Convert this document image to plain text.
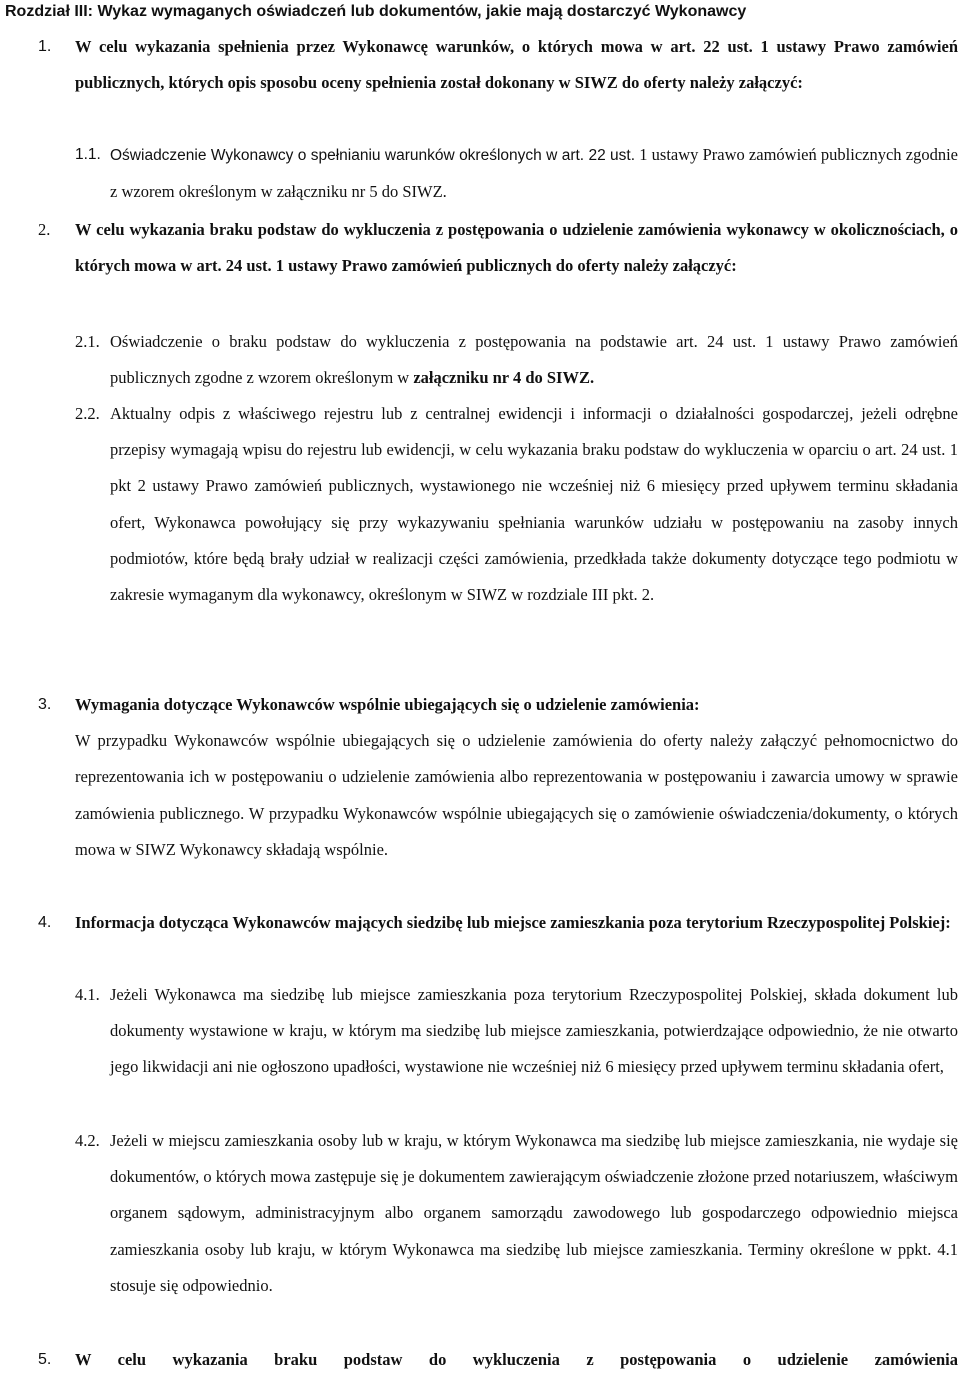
Rozdział III: Wykaz wymaganych oświadczeń lub dokumentów, jakie mają dostarczyć Wykonawcy
1. W celu wykazania spełnienia przez Wykonawcę warunków, o których mowa w art. 22 ust. 1 ustawy Prawo zamówień publicznych, których opis sposobu oceny spełnienia został dokonany w SIWZ do oferty należy załączyć:
1.1. Oświadczenie Wykonawcy o spełnianiu warunków określonych w art. 22 ust. 1 ustawy Prawo zamówień publicznych zgodnie z wzorem określonym w załączniku nr 5 do SIWZ.
2. W celu wykazania braku podstaw do wykluczenia z postępowania o udzielenie zamówienia wykonawcy w okolicznościach, o których mowa w art. 24 ust. 1 ustawy Prawo zamówień publicznych do oferty należy załączyć:
2.1. Oświadczenie o braku podstaw do wykluczenia z postępowania na podstawie art. 24 ust. 1 ustawy Prawo zamówień publicznych zgodne z wzorem określonym w załączniku nr 4 do SIWZ.
2.2. Aktualny odpis z właściwego rejestru lub z centralnej ewidencji i informacji o działalności gospodarczej, jeżeli odrębne przepisy wymagają wpisu do rejestru lub ewidencji, w celu wykazania braku podstaw do wykluczenia w oparciu o art. 24 ust. 1 pkt 2 ustawy Prawo zamówień publicznych, wystawionego nie wcześniej niż 6 miesięcy przed upływem terminu składania ofert, Wykonawca powołujący się przy wykazywaniu spełniania warunków udziału w postępowaniu na zasoby innych podmiotów, które będą brały udział w realizacji części zamówienia, przedkłada także dokumenty dotyczące tego podmiotu w zakresie wymaganym dla wykonawcy, określonym w SIWZ w rozdziale III pkt. 2.
3. Wymagania dotyczące Wykonawców wspólnie ubiegających się o udzielenie zamówienia:
W przypadku Wykonawców wspólnie ubiegających się o udzielenie zamówienia do oferty należy załączyć pełnomocnictwo do reprezentowania ich w postępowaniu o udzielenie zamówienia albo reprezentowania w postępowaniu i zawarcia umowy w sprawie zamówienia publicznego. W przypadku Wykonawców wspólnie ubiegających się o zamówienie oświadczenia/dokumenty, o których mowa w SIWZ Wykonawcy składają wspólnie.
4. Informacja dotycząca Wykonawców mających siedzibę lub miejsce zamieszkania poza terytorium Rzeczypospolitej Polskiej:
4.1. Jeżeli Wykonawca ma siedzibę lub miejsce zamieszkania poza terytorium Rzeczypospolitej Polskiej, składa dokument lub dokumenty wystawione w kraju, w którym ma siedzibę lub miejsce zamieszkania, potwierdzające odpowiednio, że nie otwarto jego likwidacji ani nie ogłoszono upadłości, wystawione nie wcześniej niż 6 miesięcy przed upływem terminu składania ofert,
4.2. Jeżeli w miejscu zamieszkania osoby lub w kraju, w którym Wykonawca ma siedzibę lub miejsce zamieszkania, nie wydaje się dokumentów, o których mowa zastępuje się je dokumentem zawierającym oświadczenie złożone przed notariuszem, właściwym organem sądowym, administracyjnym albo organem samorządu zawodowego lub gospodarczego odpowiednio miejsca zamieszkania osoby lub kraju, w którym Wykonawca ma siedzibę lub miejsce zamieszkania. Terminy określone w ppkt. 4.1 stosuje się odpowiednio.
5. W celu wykazania braku podstaw do wykluczenia z postępowania o udzielenie zamówienia
